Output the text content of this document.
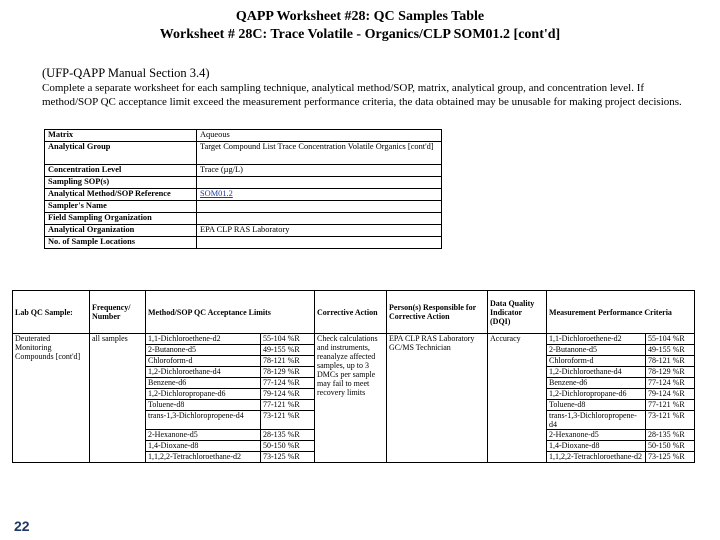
QAPP Worksheet #28: QC Samples Table
Worksheet # 28C: Trace Volatile - Organics/CLP SOM01.2 [cont'd]
(UFP-QAPP Manual Section 3.4)
Complete a separate worksheet for each sampling technique, analytical method/SOP, matrix, analytical group, and concentration level. If method/SOP QC acceptance limit exceed the measurement performance criteria, the data obtained may be unusable for making project decisions.
Matrix	Aqueous
Analytical Group	Target Compound List Trace Concentration Volatile Organics [cont'd]
Concentration Level	Trace (µg/L)
Sampling SOP(s)	
Analytical Method/SOP Reference	SOM01.2
Sampler's Name	
Field Sampling Organization	
Analytical Organization	EPA CLP RAS Laboratory
No. of Sample Locations	
Lab QC Sample:	Frequency/ Number	Method/SOP QC Acceptance Limits		Corrective Action	Person(s) Responsible for Corrective Action	Data Quality Indicator (DQI)	Measurement Performance Criteria	
Deuterated Monitoring Compounds [cont'd]	all samples	1,1-Dichloroethene-d2	55-104 %R	Check calculations and instruments, reanalyze affected samples, up to 3 DMCs per sample may fail to meet recovery limits	EPA CLP RAS Laboratory GC/MS Technician	Accuracy	1,1-Dichloroethene-d2	55-104 %R
		2-Butanone-d5	49-155 %R				2-Butanone-d5	49-155 %R
		Chloroform-d	78-121 %R				Chloroform-d	78-121 %R
		1,2-Dichloroethane-d4	78-129 %R				1,2-Dichloroethane-d4	78-129 %R
		Benzene-d6	77-124 %R				Benzene-d6	77-124 %R
		1,2-Dichloropropane-d6	79-124 %R				1,2-Dichloropropane-d6	79-124 %R
		Toluene-d8	77-121 %R				Toluene-d8	77-121 %R
		trans-1,3-Dichloropropene-d4	73-121 %R				trans-1,3-Dichloropropene-d4	73-121 %R
		2-Hexanone-d5	28-135 %R				2-Hexanone-d5	28-135 %R
		1,4-Dioxane-d8	50-150 %R				1,4-Dioxane-d8	50-150 %R
		1,1,2,2-Tetrachloroethane-d2	73-125 %R				1,1,2,2-Tetrachloroethane-d2	73-125 %R
22
